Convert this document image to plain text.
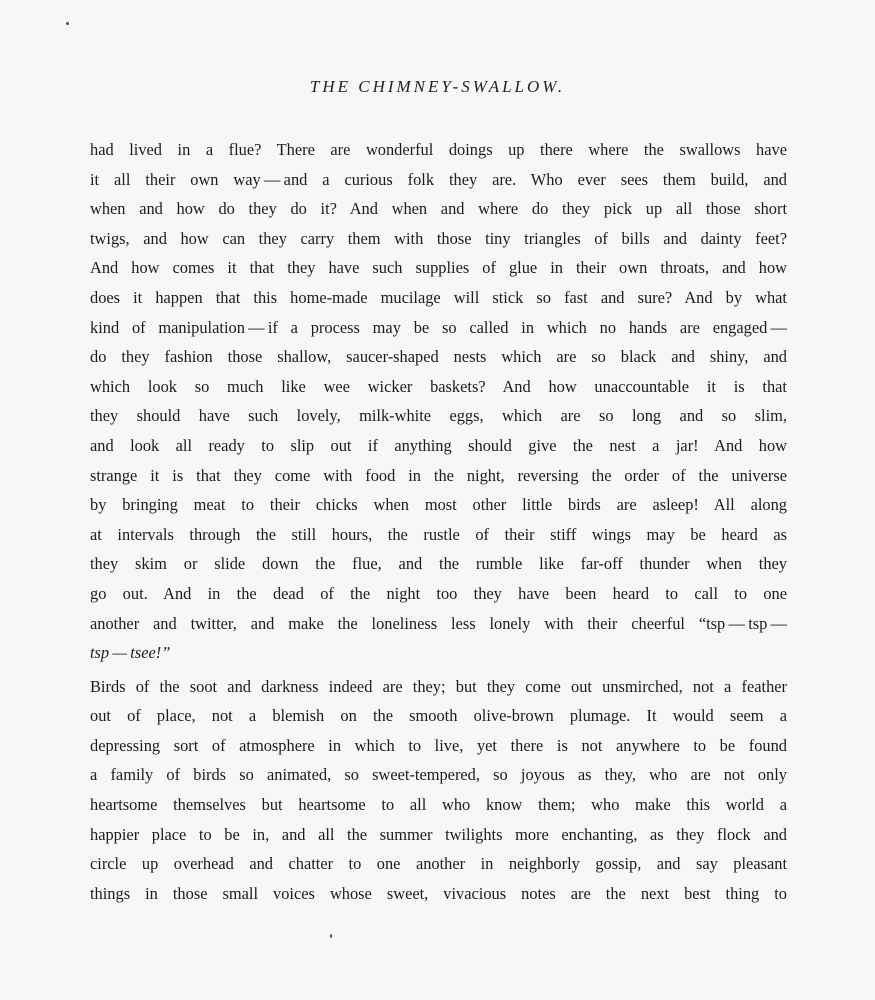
THE CHIMNEY-SWALLOW.
had lived in a flue? There are wonderful doings up there where the swallows have
it all their own way — and a curious folk they are. Who ever sees them build, and
when and how do they do it? And when and where do they pick up all those short
twigs, and how can they carry them with those tiny triangles of bills and dainty feet?
And how comes it that they have such supplies of glue in their own throats, and how
does it happen that this home-made mucilage will stick so fast and sure? And by what
kind of manipulation — if a process may be so called in which no hands are engaged —
do they fashion those shallow, saucer-shaped nests which are so black and shiny, and
which look so much like wee wicker baskets? And how unaccountable it is that
they should have such lovely, milk-white eggs, which are so long and so slim,
and look all ready to slip out if anything should give the nest a jar! And how
strange it is that they come with food in the night, reversing the order of the universe
by bringing meat to their chicks when most other little birds are asleep! All along
at intervals through the still hours, the rustle of their stiff wings may be heard as
they skim or slide down the flue, and the rumble like far-off thunder when they
go out. And in the dead of the night too they have been heard to call to one
another and twitter, and make the loneliness less lonely with their cheerful “tsp — tsp —
tsp — tsee!”
Birds of the soot and darkness indeed are they; but they come out unsmirched, not a feather
out of place, not a blemish on the smooth olive-brown plumage. It would seem a
depressing sort of atmosphere in which to live, yet there is not anywhere to be found
a family of birds so animated, so sweet-tempered, so joyous as they, who are not only
heartsome themselves but heartsome to all who know them; who make this world a
happier place to be in, and all the summer twilights more enchanting, as they flock and
circle up overhead and chatter to one another in neighborly gossip, and say pleasant
things in those small voices whose sweet, vivacious notes are the next best thing to
